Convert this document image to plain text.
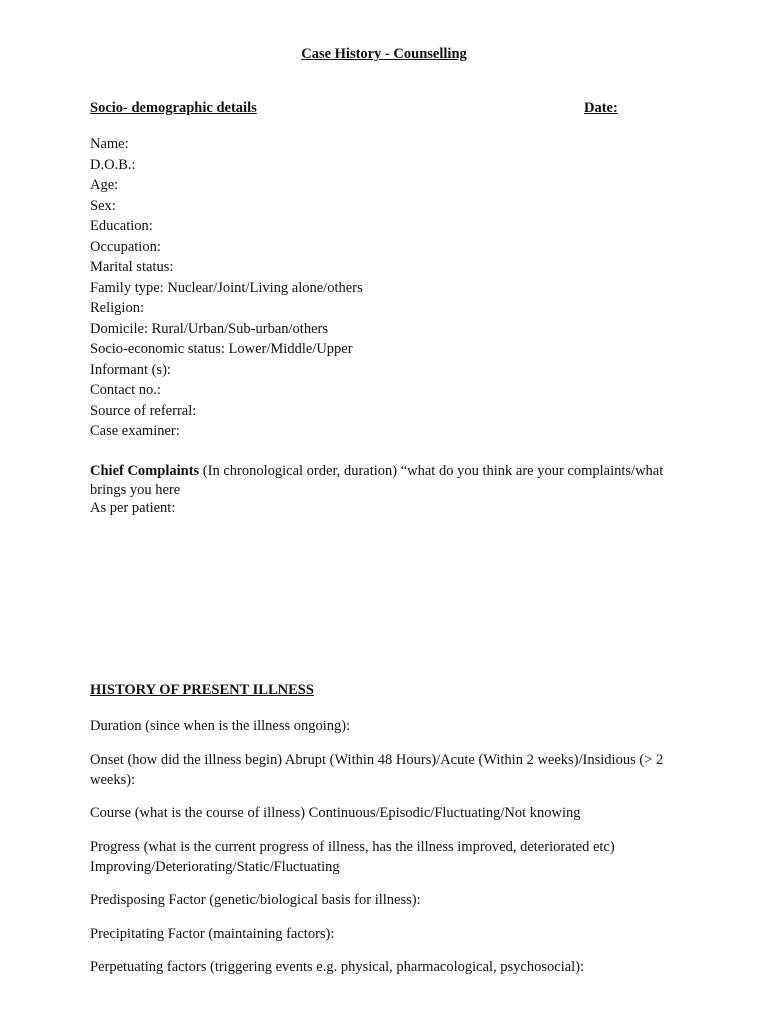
Case History - Counselling
Socio- demographic details	Date:
Name:
D.O.B.:
Age:
Sex:
Education:
Occupation:
Marital status:
Family type: Nuclear/Joint/Living alone/others
Religion:
Domicile: Rural/Urban/Sub-urban/others
Socio-economic status: Lower/Middle/Upper
Informant (s):
Contact no.:
Source of referral:
Case examiner:
Chief Complaints (In chronological order, duration) “what do you think are your complaints/what brings you here
As per patient:
HISTORY OF PRESENT ILLNESS
Duration (since when is the illness ongoing):
Onset (how did the illness begin) Abrupt (Within 48 Hours)/Acute (Within 2 weeks)/Insidious (> 2 weeks):
Course (what is the course of illness) Continuous/Episodic/Fluctuating/Not knowing
Progress (what is the current progress of illness, has the illness improved, deteriorated etc) Improving/Deteriorating/Static/Fluctuating
Predisposing Factor (genetic/biological basis for illness):
Precipitating Factor (maintaining factors):
Perpetuating factors (triggering events e.g. physical, pharmacological, psychosocial):
